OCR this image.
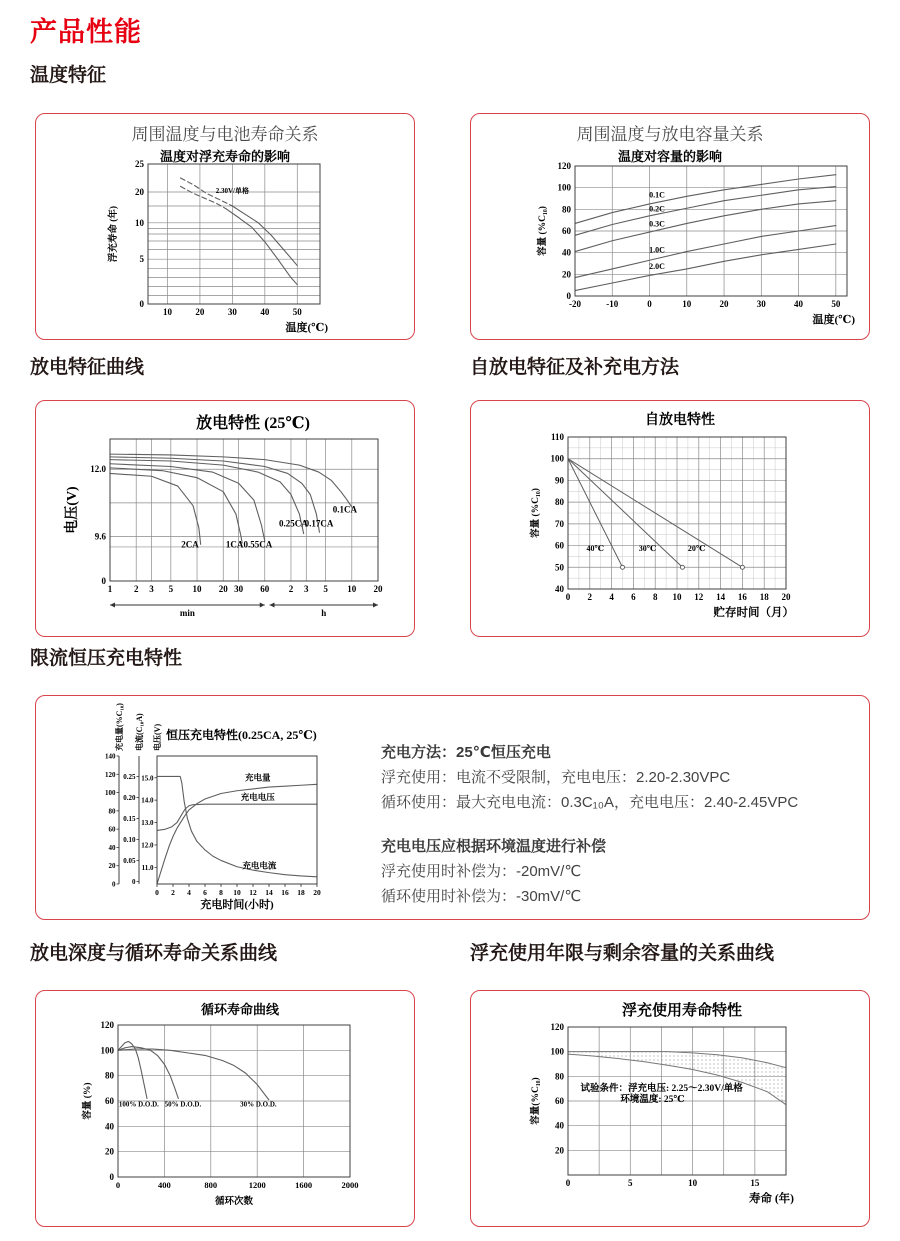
产品性能
温度特征
放电特征曲线	自放电特征及补充电方法
限流恒压充电特性
放电深度与循环寿命关系曲线	浮充使用年限与剩余容量的关系曲线
周围温度与电池寿命关系
温度对浮充寿命的影响
10	20	30	40	50
0
5
10
20
25
温度(℃)
浮充寿命 (年)
2.30V/单格
周围温度与放电容量关系
温度对容量的影响
-20	-10	0	10	20	30	40	50
0
20
40
60
80
100
120
温度(℃)
容量 (%C₁₀)
0.1C
0.2C
0.3C
1.0C
2.0C
放电特性 (25℃)
1 2 3 5 10 20 30 60 2 3 5 10 20
0
9.6
12.0
电压(V)
2CA	1CA 0.55CA
0.25CA
0.17CA
0.1CA
min	h
自放电特性
0 2 4 6 8 10 12 14 16 18 20
40
50
60
70
80
90
100
110
贮存时间（月）
容量 (%C₁₀)
40℃	30℃	20℃
恒压充电特性(0.25CA, 25℃)
0 2 4 6 8 10 12 14 16 18 20
0
20
40
60
80
100
120
140
充电量(%C₁₀)
0
0.05
0.10
0.15
0.20
0.25
电流(C₁₀A)
11.0
12.0
13.0
14.0
15.0
电压(V)
充电时间(小时)
充电量
充电电压
充电电流

充电方法：25℃恒压充电

浮充使用：电流不受限制，充电电压：2.20-2.30VPC

循环使用：最大充电电流：0.3C₁₀A，充电电压：2.40-2.45VPC

充电电压应根据环境温度进行补偿

浮充使用时补偿为：-20mV/℃

循环使用时补偿为：-30mV/℃

循环寿命曲线
0	400	800	1200	1600	2000
0
20
40
60
80
100
120
循环次数
容量 (%)	100% D.O.D. 50% D.O.D.	30% D.O.D.
浮充使用寿命特性
0	5	10	15
20
40
60
80
100
120
寿命 (年)
容量(%C₁₀)	试验条件：浮充电压: 2.25～2.30V/单格
环境温度: 25℃
